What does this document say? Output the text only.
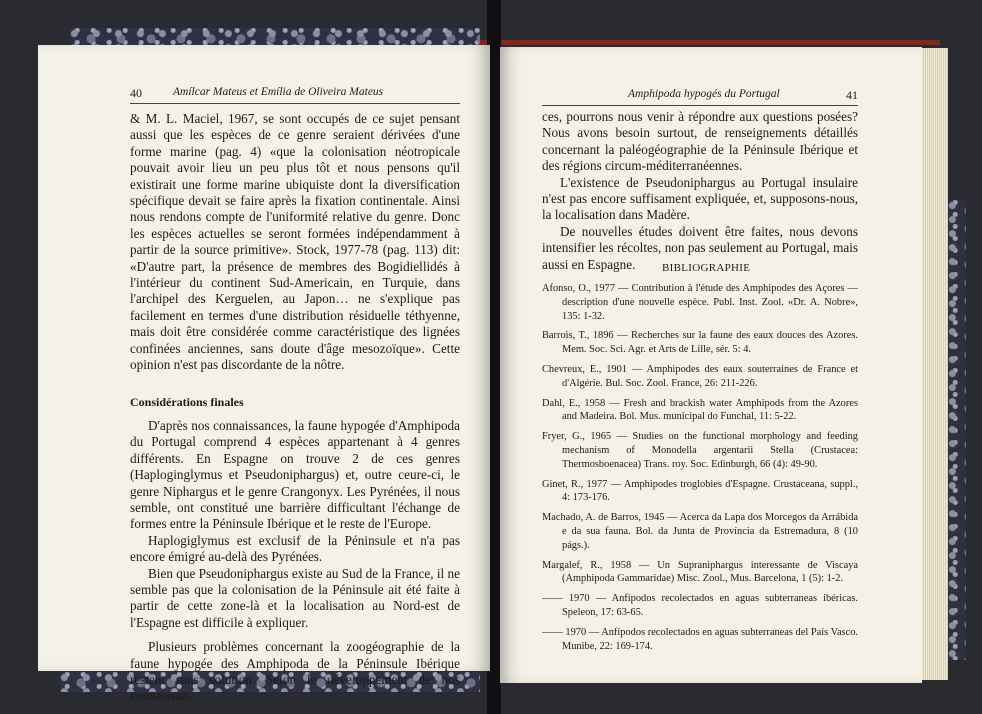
40	Amílcar Mateus et Emília de Oliveira Mateus

& M. L. Maciel, 1967, se sont occupés de ce sujet pensant aussi que les espèces de ce genre seraient dérivées d'une forme marine (pag. 4) «que la colonisation néotropicale pouvait avoir lieu un peu plus tôt et nous pensons qu'il existirait une forme marine ubiquiste dont la diversification spécifique devait se faire après la fixation continentale. Ainsi nous rendons compte de l'uniformité relative du genre. Donc les espèces actuelles se seront formées indépendamment à partir de la source primitive». Stock, 1977-78 (pag. 113) dit: «D'autre part, la présence de membres des Bogidiellidés à l'intérieur du continent Sud-Americain, en Turquie, dans l'archipel des Kerguelen, au Japon… ne s'explique pas facilement en termes d'une distribution résiduelle téthyenne, mais doit être considérée comme caractéristique des lignées confinées anciennes, sans doute d'âge mesozoïque». Cette opinion n'est pas discordante de la nôtre.

Considérations finales

D'après nos connaissances, la faune hypogée d'Amphipoda du Portugal comprend 4 espèces appartenant à 4 genres différents. En Espagne on trouve 2 de ces genres (Haploginglymus et Pseudoniphargus) et, outre ceure-ci, le genre Niphargus et le genre Crangonyx. Les Pyrénées, il nous semble, ont constitué une barrière difficultant l'échange de formes entre la Péninsule Ibérique et le reste de l'Europe.

Haplogiglymus est exclusif de la Péninsule et n'a pas encore émigré au-delà des Pyrénées.

Bien que Pseudoniphargus existe au Sud de la France, il ne semble pas que la colonisation de la Péninsule ait été faite à partir de cette zone-là et la localisation au Nord-est de l'Espagne est difficile à expliquer.

Plusieurs problèmes concernant la zoogéographie de la faune hypogée des Amphipoda de la Péninsule Ibérique restent sans solution. Selon le développement de nos connaissan-

Amphipoda hypogés du Portugal	41

ces, pourrons nous venir à répondre aux questions posées? Nous avons besoin surtout, de renseignements détaillés concernant la paléogéographie de la Péninsule Ibérique et des régions circum-méditerranéennes.

L'existence de Pseudoniphargus au Portugal insulaire n'est pas encore suffisament expliquée, et, supposons-nous, la localisation dans Madère.

De nouvelles études doivent être faites, nous devons intensifier les récoltes, non pas seulement au Portugal, mais aussi en Espagne.	BIBLIOGRAPHIE

Afonso, O., 1977 — Contribution à l'étude des Amphipodes des Açores — description d'une nouvelle espèce. Publ. Inst. Zool. «Dr. A. Nobre», 135: 1-32.

Barrois, T., 1896 — Recherches sur la faune des eaux douces des Azores. Mem. Soc. Sci. Agr. et Arts de Lille, sér. 5: 4.

Chevreux, E., 1901 — Amphipodes des eaux souterraines de France et d'Algérie. Bul. Soc. Zool. France, 26: 211-226.

Dahl, E., 1958 — Fresh and brackish water Amphipods from the Azores and Madeira. Bol. Mus. municipal do Funchal, 11: 5-22.

Fryer, G., 1965 — Studies on the functional morphology and feeding mechanism of Monodella argentarii Stella (Crustacea: Thermosboenacea) Trans. roy. Soc. Edinburgh, 66 (4): 49-90.

Ginet, R., 1977 — Amphipodes troglobies d'Espagne. Crustaceana, suppl., 4: 173-176.

Machado, A. de Barros, 1945 — Acerca da Lapa dos Morcegos da Arrábida e da sua fauna. Bol. da Junta de Província da Estremadura, 8 (10 págs.).

Margalef, R., 1958 — Un Supraniphargus interessante de Viscaya (Amphipoda Gammaridae) Misc. Zool., Mus. Barcelona, 1 (5): 1-2.

—— 1970 — Anfípodos recolectados en aguas subterraneas ibéricas. Speleon, 17: 63-65.

—— 1970 — Anfípodos recolectados en aguas subterraneas del País Vasco. Munibe, 22: 169-174.
